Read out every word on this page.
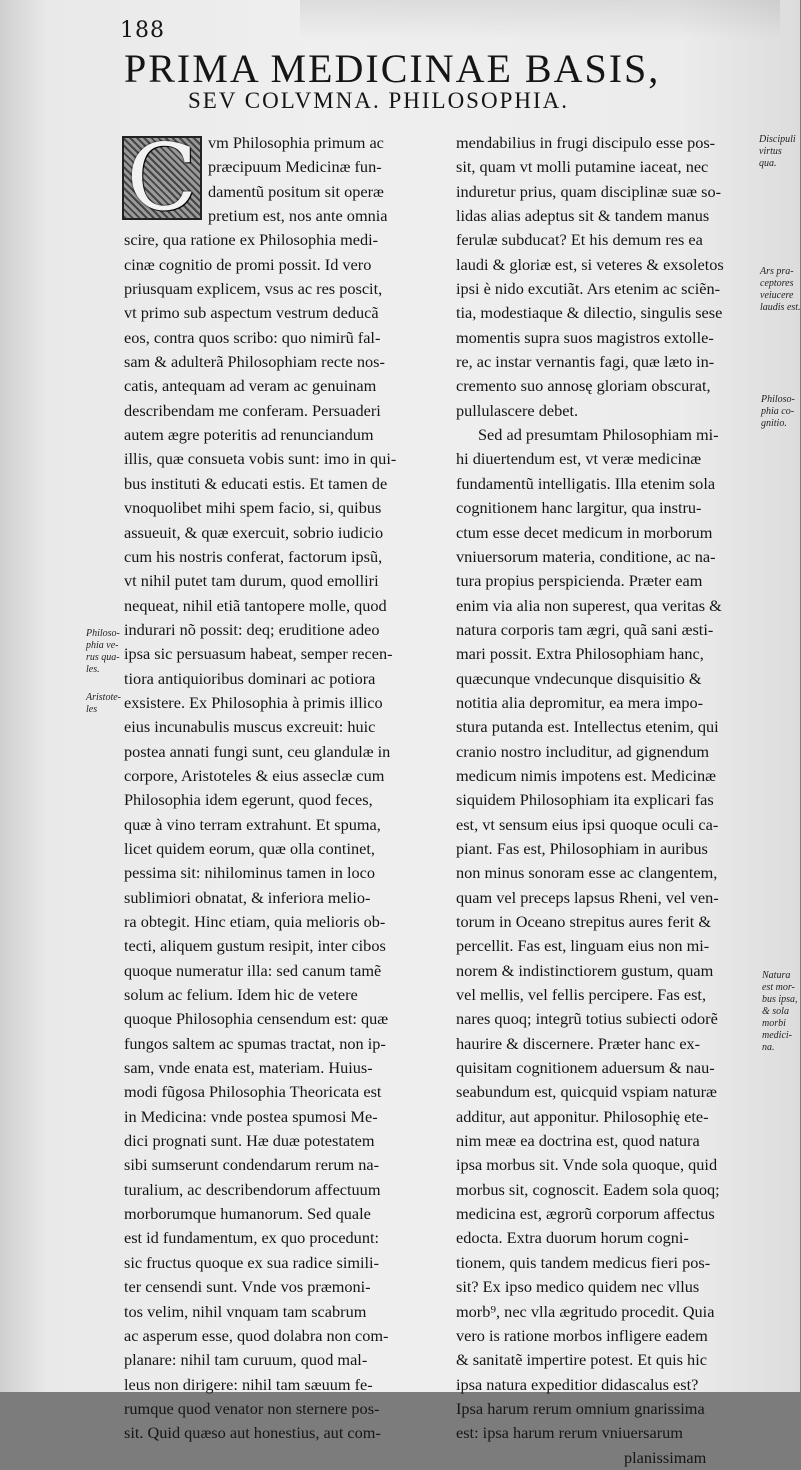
188
PRIMA MEDICINAE BASIS,
SEV COLVMNA. PHILOSOPHIA.
C vm Philosophia primum ac
præcipuum Medicinæ fun-
damentũ positum sit operæ
pretium est, nos ante omnia
scire, qua ratione ex Philosophia medi-
cinæ cognitio de promi possit. Id vero
priusquam explicem, vsus ac res poscit,
vt primo sub aspectum vestrum deducã
eos, contra quos scribo: quo nimirũ fal-
sam & adulterã Philosophiam recte nos-
catis, antequam ad veram ac genuinam
describendam me conferam. Persuaderi
autem ægre poteritis ad renunciandum
illis, quæ consueta vobis sunt: imo in qui-
bus instituti & educati estis. Et tamen de
vnoquolibet mihi spem facio, si, quibus
assueuit, & quæ exercuit, sobrio iudicio
cum his nostris conferat, factorum ipsũ,
vt nihil putet tam durum, quod emolliri
nequeat, nihil etiã tantopere molle, quod
indurari nõ possit: deq; eruditione adeo
ipsa sic persuasum habeat, semper recen-
tiora antiquioribus dominari ac potiora
exsistere. Ex Philosophia à primis illico
eius incunabulis muscus excreuit: huic
postea annati fungi sunt, ceu glandulæ in
corpore, Aristoteles & eius asseclæ cum
Philosophia idem egerunt, quod feces,
quæ à vino terram extrahunt. Et spuma,
licet quidem eorum, quæ olla continet,
pessima sit: nihilominus tamen in loco
sublimiori obnatat, & inferiora melio-
ra obtegit. Hinc etiam, quia melioris ob-
tecti, aliquem gustum resipit, inter cibos
quoque numeratur illa: sed canum tamẽ
solum ac felium. Idem hic de vetere
quoque Philosophia censendum est: quæ
fungos saltem ac spumas tractat, non ip-
sam, vnde enata est, materiam. Huius-
modi fũgosa Philosophia Theoricata est
in Medicina: vnde postea spumosi Me-
dici prognati sunt. Hæ duæ potestatem
sibi sumserunt condendarum rerum na-
turalium, ac describendorum affectuum
morborumque humanorum. Sed quale
est id fundamentum, ex quo procedunt:
sic fructus quoque ex sua radice simili-
ter censendi sunt. Vnde vos præmoni-
tos velim, nihil vnquam tam scabrum
ac asperum esse, quod dolabra non com-
planare: nihil tam curuum, quod mal-
leus non dirigere: nihil tam sæuum fe-
rumque quod venator non sternere pos-
sit. Quid quæso aut honestius, aut com-
mendabilius in frugi discipulo esse pos-
sit, quam vt molli putamine iaceat, nec
induretur prius, quam disciplinæ suæ so-
lidas alias adeptus sit & tandem manus
ferulæ subducat? Et his demum res ea
laudi & gloriæ est, si veteres & exsoletos
ipsi è nido excutiãt. Ars etenim ac sciẽn-
tia, modestiaque & dilectio, singulis sese
momentis supra suos magistros extolle-
re, ac instar vernantis fagi, quæ læto in-
cremento suo annosę gloriam obscurat,
pullulascere debet.
Sed ad presumtam Philosophiam mi-
hi diuertendum est, vt veræ medicinæ
fundamentũ intelligatis. Illa etenim sola
cognitionem hanc largitur, qua instru-
ctum esse decet medicum in morborum
vniuersorum materia, conditione, ac na-
tura propius perspicienda. Præter eam
enim via alia non superest, qua veritas &
natura corporis tam ægri, quã sani æsti-
mari possit. Extra Philosophiam hanc,
quæcunque vndecunque disquisitio &
notitia alia depromitur, ea mera impo-
stura putanda est. Intellectus etenim, qui
cranio nostro includitur, ad gignendum
medicum nimis impotens est. Medicinæ
siquidem Philosophiam ita explicari fas
est, vt sensum eius ipsi quoque oculi ca-
piant. Fas est, Philosophiam in auribus
non minus sonoram esse ac clangentem,
quam vel preceps lapsus Rheni, vel ven-
torum in Oceano strepitus aures ferit &
percellit. Fas est, linguam eius non mi-
norem & indistinctiorem gustum, quam
vel mellis, vel fellis percipere. Fas est,
nares quoq; integrũ totius subiecti odorẽ
haurire & discernere. Præter hanc ex-
quisitam cognitionem aduersum & nau-
seabundum est, quicquid vspiam naturæ
additur, aut apponitur. Philosophię ete-
nim meæ ea doctrina est, quod natura
ipsa morbus sit. Vnde sola quoque, quid
morbus sit, cognoscit. Eadem sola quoq;
medicina est, ægrorũ corporum affectus
edocta. Extra duorum horum cogni-
tionem, quis tandem medicus fieri pos-
sit? Ex ipso medico quidem nec vllus
morb⁹, nec vlla ægritudo procedit. Quia
vero is ratione morbos infligere eadem
& sanitatẽ impertire potest. Et quis hic
ipsa natura expeditior didascalus est?
Ipsa harum rerum omnium gnarissima
est: ipsa harum rerum vniuersarum
planissimam
Discipuli
virtus
qua.
Ars pra-
ceptores
veiucere
laudis est.
Philoso-
phia co-
gnitio.
Natura
est mor-
bus ipsa,
& sola
morbi
medici-
na.
Philoso-
phia ve-
rus qua-
les.
Aristote-
les
